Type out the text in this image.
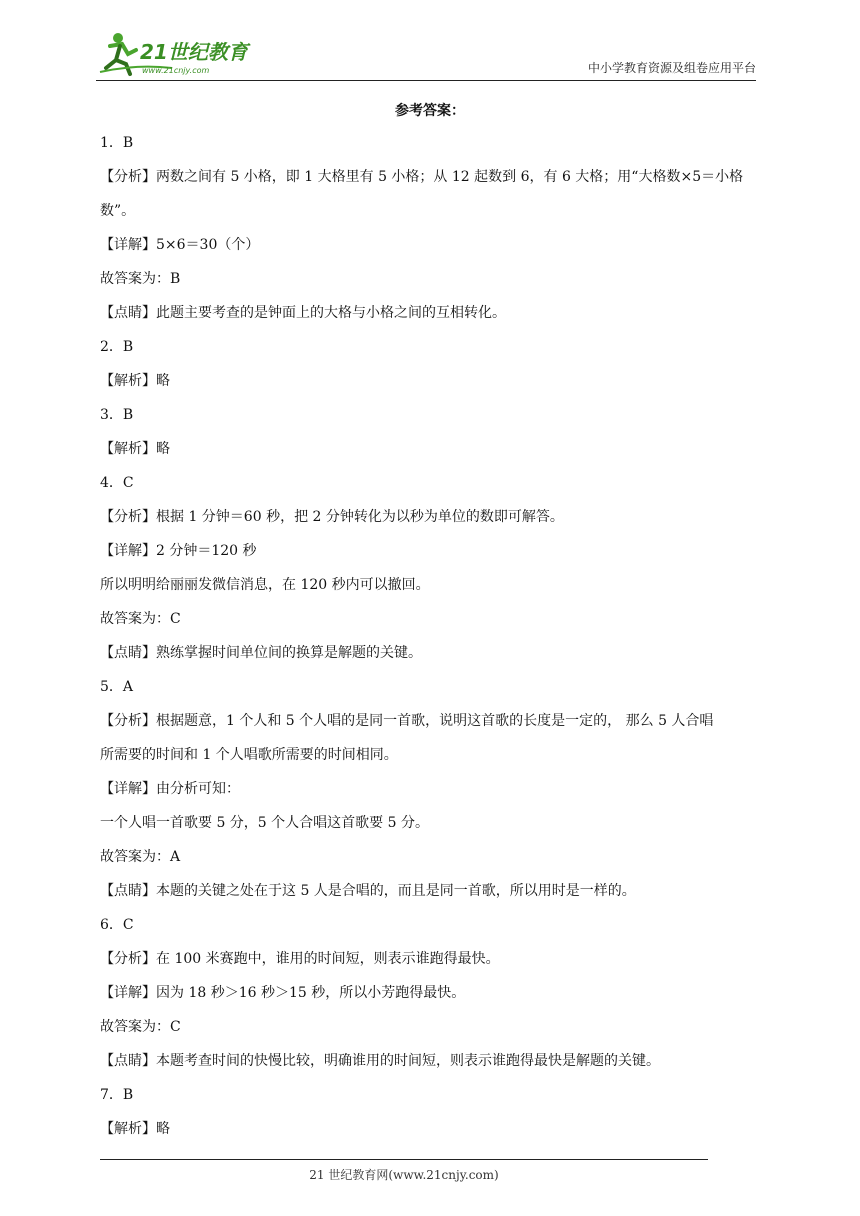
21世纪教育
www.21cnjy.com	中小学教育资源及组卷应用平台
参考答案：
1．B
【分析】两数之间有 5 小格，即 1 大格里有 5 小格；从 12 起数到 6，有 6 大格；用“大格数×5＝小格
数”。
【详解】5×6＝30（个）
故答案为：B
【点睛】此题主要考查的是钟面上的大格与小格之间的互相转化。
2．B
【解析】略
3．B
【解析】略
4．C
【分析】根据 1 分钟＝60 秒，把 2 分钟转化为以秒为单位的数即可解答。
【详解】2 分钟＝120 秒
所以明明给丽丽发微信消息，在 120 秒内可以撤回。
故答案为：C
【点睛】熟练掌握时间单位间的换算是解题的关键。
5．A
【分析】根据题意，1 个人和 5 个人唱的是同一首歌，说明这首歌的长度是一定的， 那么 5 人合唱
所需要的时间和 1 个人唱歌所需要的时间相同。
【详解】由分析可知：
一个人唱一首歌要 5 分，5 个人合唱这首歌要 5 分。
故答案为：A
【点睛】本题的关键之处在于这 5 人是合唱的，而且是同一首歌，所以用时是一样的。
6．C
【分析】在 100 米赛跑中，谁用的时间短，则表示谁跑得最快。
【详解】因为 18 秒＞16 秒＞15 秒，所以小芳跑得最快。
故答案为：C
【点睛】本题考查时间的快慢比较，明确谁用的时间短，则表示谁跑得最快是解题的关键。
7．B
【解析】略
21 世纪教育网(www.21cnjy.com)
